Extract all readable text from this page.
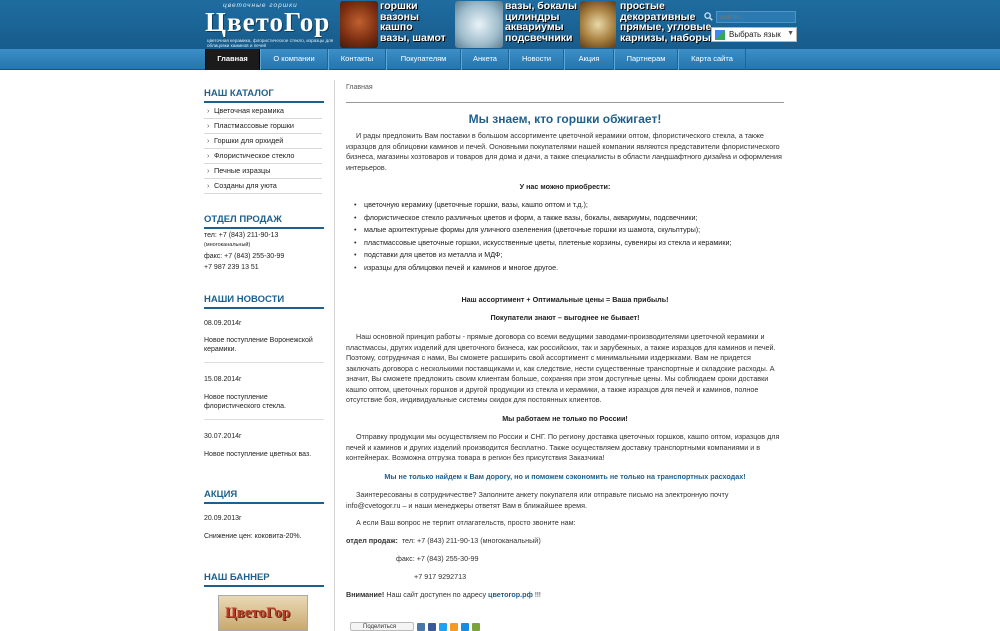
цветочные горшки
ЦветоГор
цветочная керамика, флористическое стекло, изразцы для облицовки каминов и печей
горшки
вазоны
кашпо
вазы, шамот
вазы, бокалы
цилиндры
аквариумы
подсвечники
простые
декоративные
прямые, угловые
карнизы, наборы
найти...	Выбрать язык ▼
Главная	О компании	Контакты	Покупателям	Анкета	Новости	Акция	Партнерам	Карта сайта
НАШ КАТАЛОГ
› Цветочная керамика
› Пластмассовые горшки
› Горшки для орхидей
› Флористическое стекло
› Печные изразцы
› Созданы для уюта
ОТДЕЛ ПРОДАЖ
тел: +7 (843) 211-90-13
(многоканальный)
факс: +7 (843) 255-30-99
+7 987 239 13 51
НАШИ НОВОСТИ
08.09.2014г
Новое поступление Воронежской керамики.
15.08.2014г
Новое поступление флористического стекла.
30.07.2014г
Новое поступление цветных ваз.
АКЦИЯ
20.09.2013г
Снижение цен: коковита-20%.
НАШ БАННЕР
ЦветоГор
Главная
Мы знаем, кто горшки обжигает!
И рады предложить Вам поставки в большом ассортименте цветочной керамики оптом, флористического стекла, а также изразцов для облицовки каминов и печей. Основными покупателями нашей компании являются представители флористического бизнеса, магазины хозтоваров и товаров для дома и дачи, а также специалисты в области ландшафтного дизайна и оформления интерьеров.
У нас можно приобрести:
• цветочную керамику (цветочные горшки, вазы, кашпо оптом и т.д.);
• флористическое стекло различных цветов и форм, а также вазы, бокалы, аквариумы, подсвечники;
• малые архитектурные формы для уличного озеленения (цветочные горшки из шамота, скульптуры);
• пластмассовые цветочные горшки, искусственные цветы, плетеные корзины, сувениры из стекла и керамики;
• подставки для цветов из металла и МДФ;
• изразцы для облицовки печей и каминов и многое другое.
Наш ассортимент + Оптимальные цены = Ваша прибыль!
Покупатели знают – выгоднее не бывает!
Наш основной принцип работы - прямые договора со всеми ведущими заводами-производителями цветочной керамики и пластмассы, других изделий для цветочного бизнеса, как российских, так и зарубежных, а также изразцов для каминов и печей. Поэтому, сотрудничая с нами, Вы сможете расширить свой ассортимент с минимальными издержками. Вам не придется заключать договора с несколькими поставщиками и, как следствие, нести существенные транспортные и складские расходы. А значит, Вы сможете предложить своим клиентам больше, сохраняя при этом доступные цены. Мы соблюдаем сроки доставки кашпо оптом, цветочных горшков и другой продукции из стекла и керамики, а также изразцов для печей и каминов, полное отсутствие боя, индивидуальные системы скидок для постоянных клиентов.
Мы работаем не только по России!
Отправку продукции мы осуществляем по России и СНГ. По региону доставка цветочных горшков, кашпо оптом, изразцов для печей и каминов и других изделий производится бесплатно. Также осуществляем доставку транспортными компаниями и в контейнерах. Возможна отгрузка товара в регион без присутствия Заказчика!
Мы не только найдем к Вам дорогу, но и поможем сэкономить не только на транспортных расходах!
Заинтересованы в сотрудничестве? Заполните анкету покупателя или отправьте письмо на электронную почту info@cvetogor.ru – и наши менеджеры ответят Вам в ближайшее время.
А если Ваш вопрос не терпит отлагательств, просто звоните нам:
отдел продаж: тел: +7 (843) 211-90-13 (многоканальный)
факс: +7 (843) 255-30-99
+7 917 9292713
Внимание! Наш сайт доступен по адресу цветогор.рф !!!
Поделиться
